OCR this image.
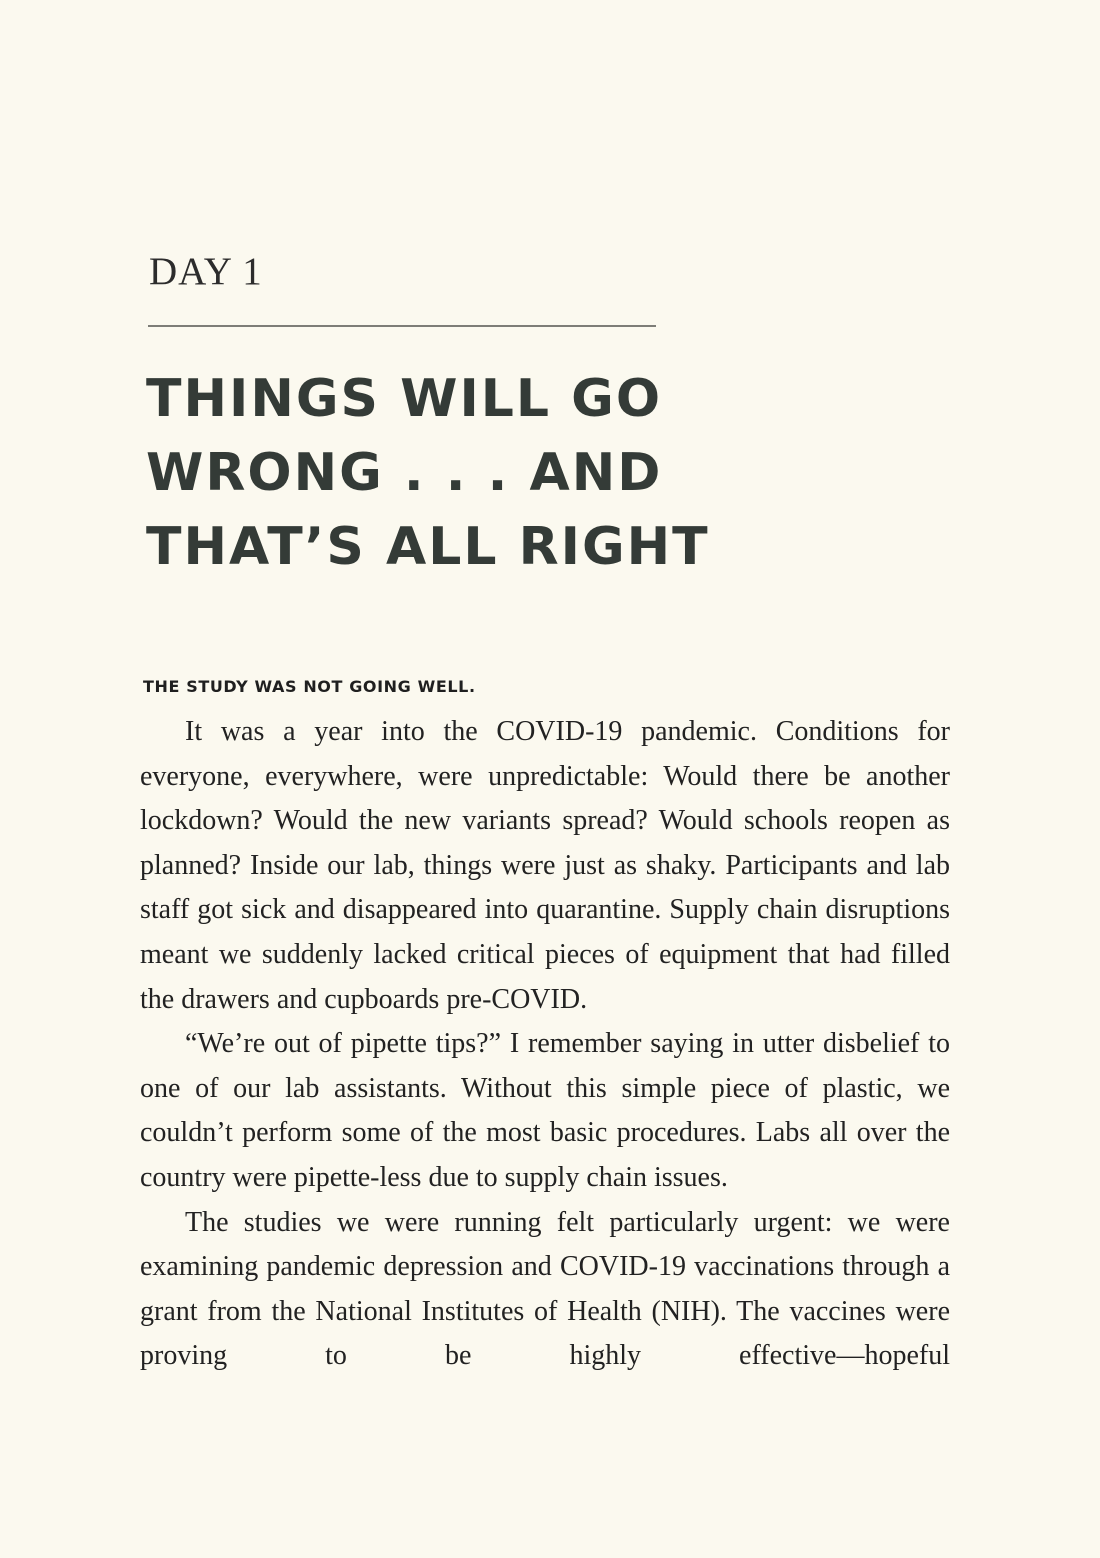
DAY 1
THINGS WILL GO
WRONG . . . AND
THAT’S ALL RIGHT
THE STUDY WAS NOT GOING WELL.

It was a year into the COVID-19 pandemic. Conditions for everyone, everywhere, were unpredictable: Would there be another lockdown? Would the new variants spread? Would schools reopen as planned? Inside our lab, things were just as shaky. Participants and lab staff got sick and disappeared into quarantine. Supply chain disruptions meant we suddenly lacked critical pieces of equipment that had filled the drawers and cupboards pre-COVID.

“We’re out of pipette tips?” I remember saying in utter disbelief to one of our lab assistants. Without this simple piece of plastic, we couldn’t perform some of the most basic procedures. Labs all over the country were pipette-less due to supply chain issues.

The studies we were running felt particularly urgent: we were examining pandemic depression and COVID-19 vaccinations through a grant from the National Institutes of Health (NIH). The vaccines were proving to be highly effective—hopeful
